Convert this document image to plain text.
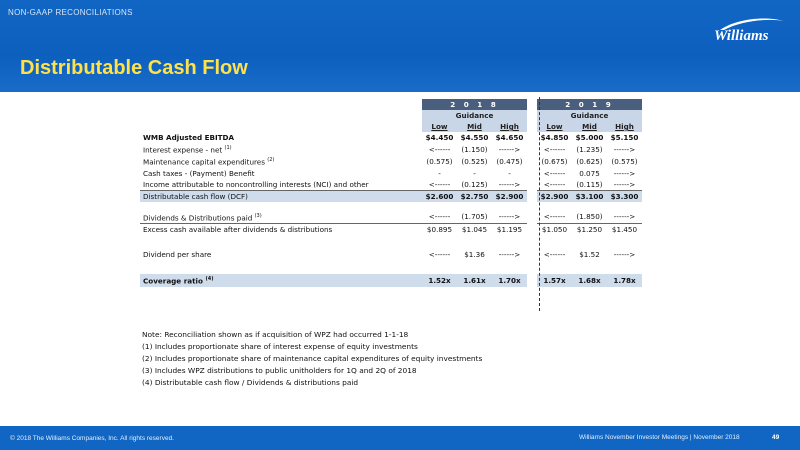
NON-GAAP RECONCILIATIONS
Distributable Cash Flow
Williams
	2 0 1 8				2 0 1 9		
	Guidance				Guidance		
	Low	Mid	High		Low	Mid	High
WMB Adjusted EBITDA	$4.450	$4.550	$4.650		$4.850	$5.000	$5.150
Interest expense - net $^{(1)}$	<------	(1.150)	------>		<------	(1.235)	------>
Maintenance capital expenditures $^{(2)}$	(0.575)	(0.525)	(0.475)		(0.675)	(0.625)	(0.575)
Cash taxes - (Payment) Benefit	-	-	-		<------	0.075	------>
Income attributable to noncontrolling interests (NCI) and other	<------	(0.125)	------>		<------	(0.115)	------>
Distributable cash flow (DCF)	$2.600	$2.750	$2.900		$2.900	$3.100	$3.300

Dividends & Distributions paid $^{(3)}$	<------	(1.705)	------>		<------	(1.850)	------>
Excess cash available after dividends & distributions	$0.895	$1.045	$1.195		$1.050	$1.250	$1.450

Dividend per share	<------	$1.36	------>		<------	$1.52	------>

Coverage ratio $^{(4)}$	1.52x	1.61x	1.70x		1.57x	1.68x	1.78x
Note: Reconciliation shown as if acquisition of WPZ had occurred 1-1-18
(1) Includes proportionate share of interest expense of equity investments
(2) Includes proportionate share of maintenance capital expenditures of equity investments
(3) Includes WPZ distributions to public unitholders for 1Q and 2Q of 2018
(4) Distributable cash flow / Dividends & distributions paid
© 2018 The Williams Companies, Inc. All rights reserved.	Williams November Investor Meetings | November 2018	49
